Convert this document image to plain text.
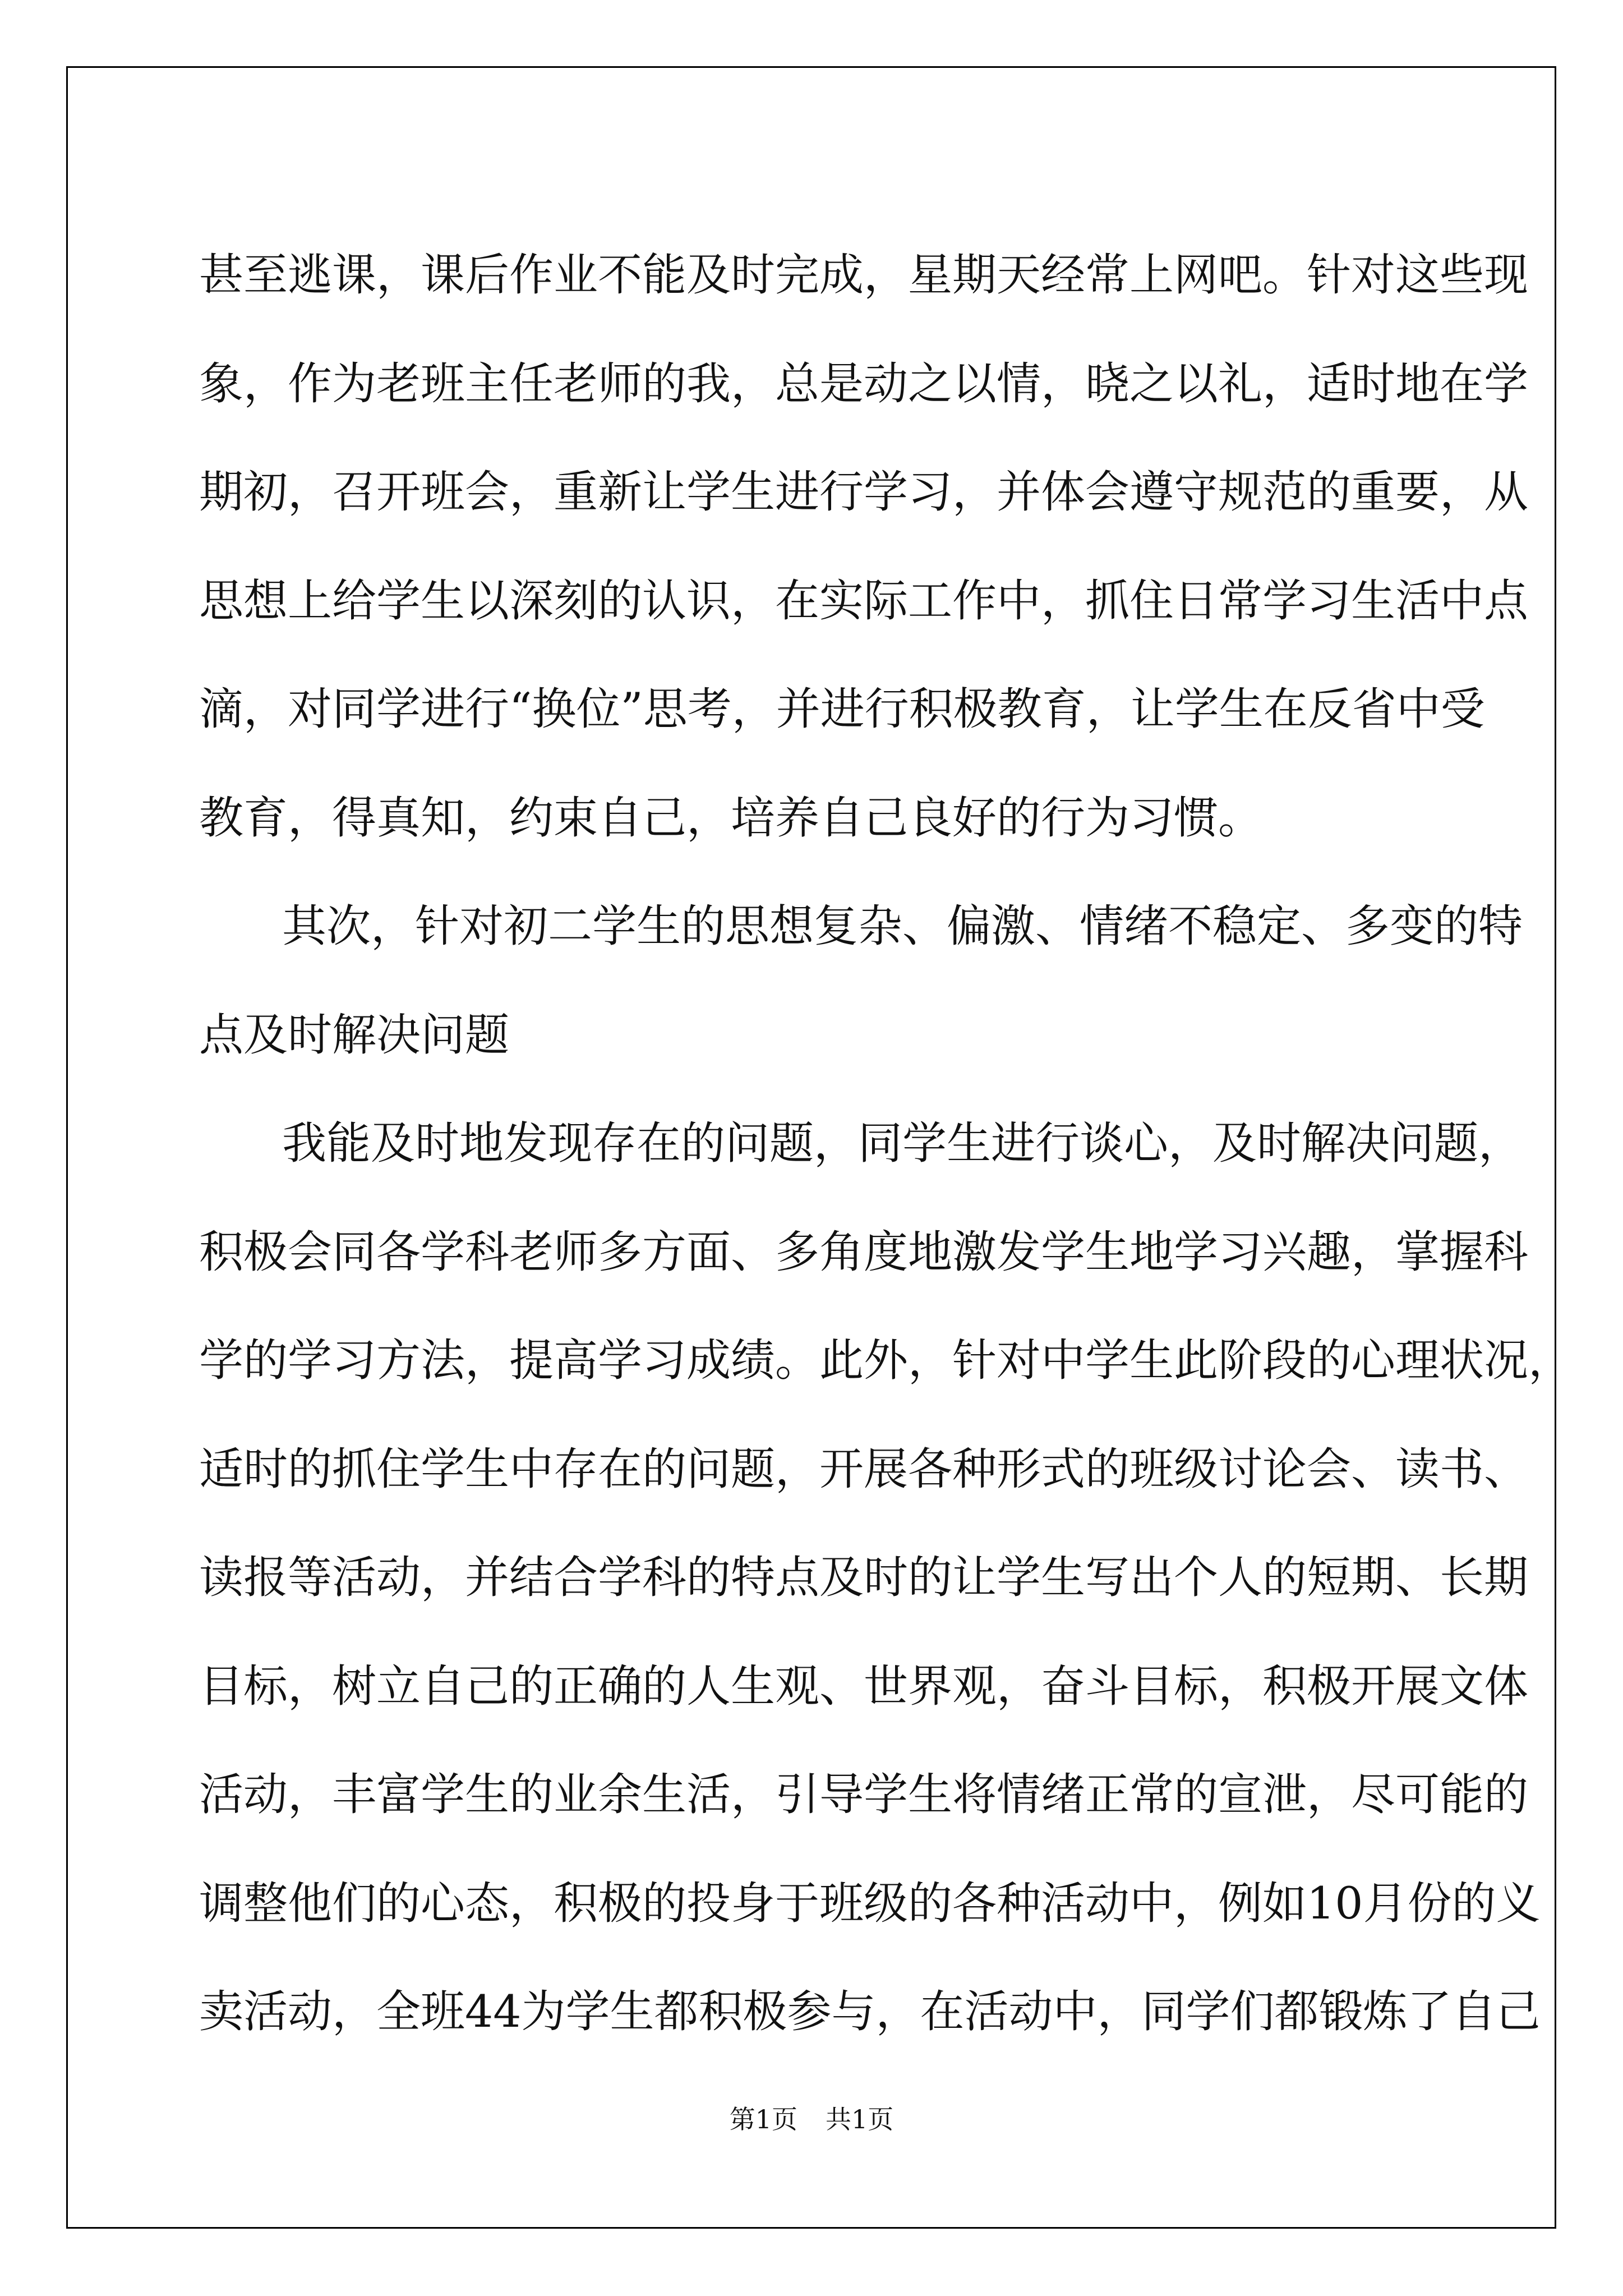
甚至逃课，课后作业不能及时完成，星期天经常上网吧。针对这些现
象，作为老班主任老师的我，总是动之以情，晓之以礼，适时地在学
期初，召开班会，重新让学生进行学习，并体会遵守规范的重要，从
思想上给学生以深刻的认识，在实际工作中，抓住日常学习生活中点
滴，对同学进行“换位”思考，并进行积极教育，让学生在反省中受
教育，得真知，约束自己，培养自己良好的行为习惯。
其次，针对初二学生的思想复杂、偏激、情绪不稳定、多变的特
点及时解决问题
我能及时地发现存在的问题，同学生进行谈心，及时解决问题，
积极会同各学科老师多方面、多角度地激发学生地学习兴趣，掌握科
学的学习方法，提高学习成绩。此外，针对中学生此阶段的心理状况，
适时的抓住学生中存在的问题，开展各种形式的班级讨论会、读书、
读报等活动，并结合学科的特点及时的让学生写出个人的短期、长期
目标，树立自己的正确的人生观、世界观，奋斗目标，积极开展文体
活动，丰富学生的业余生活，引导学生将情绪正常的宣泄，尽可能的
调整他们的心态，积极的投身于班级的各种活动中，例如10月份的义
卖活动，全班44为学生都积极参与，在活动中，同学们都锻炼了自己
第1页 共1页
